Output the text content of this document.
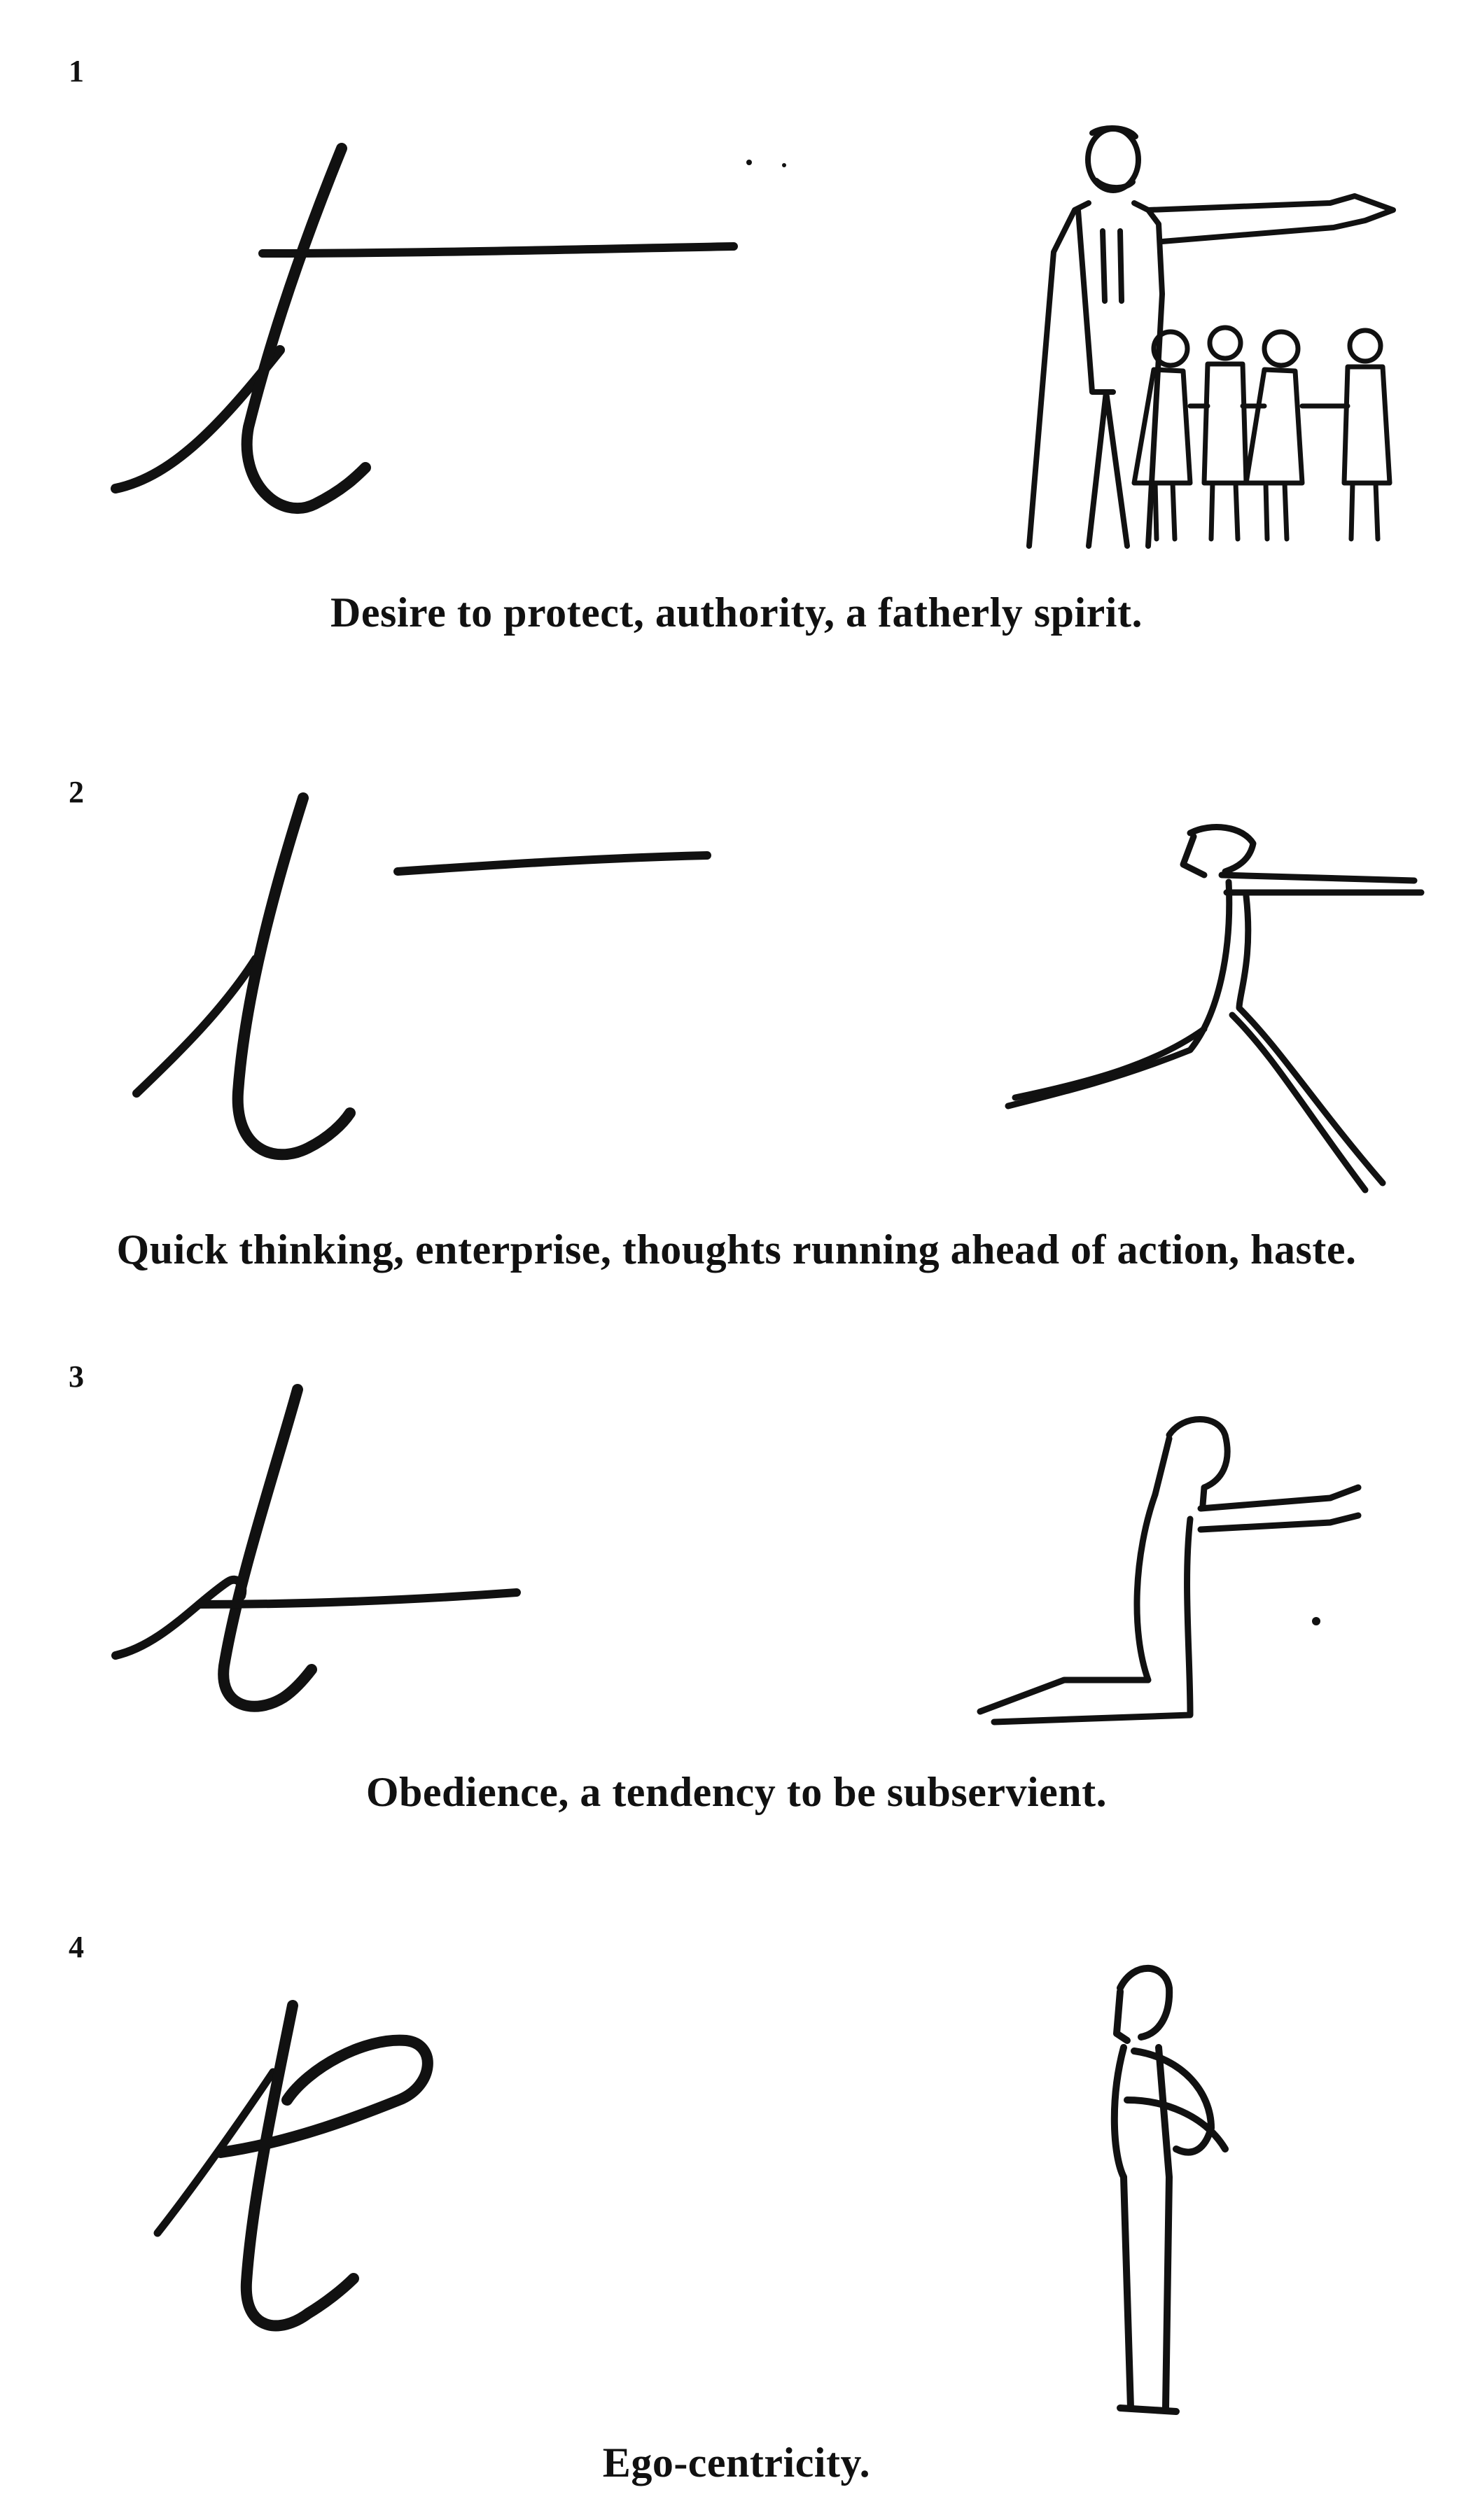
1
Desire to protect, authority, a fatherly spirit.
2
Quick thinking, enterprise, thoughts running ahead of action, haste.
3
Obedience, a tendency to be subservient.
4
Ego-centricity.
